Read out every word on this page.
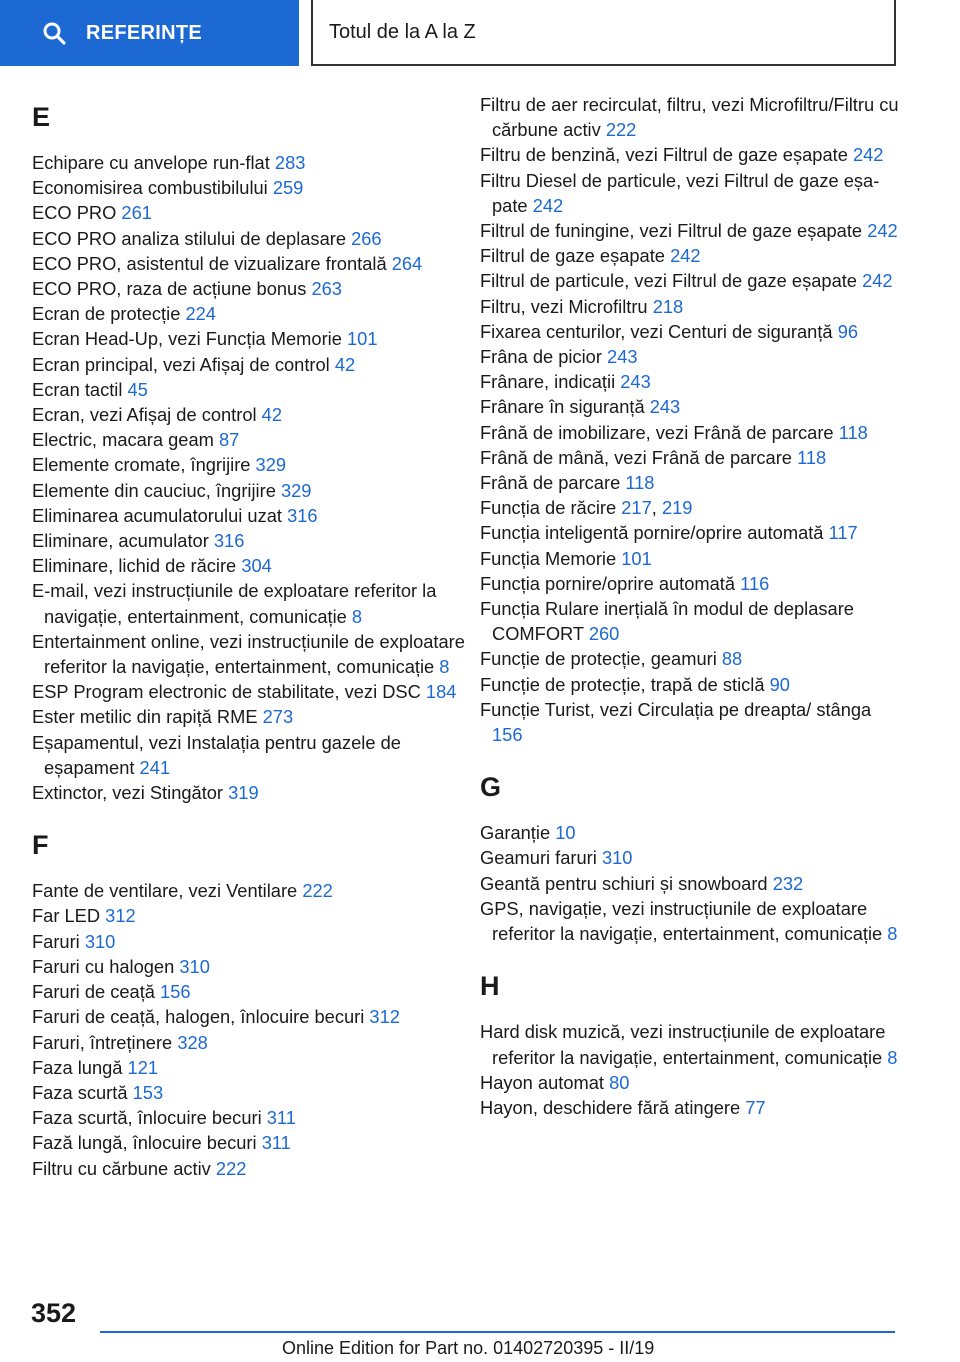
REFERINȚE	Totul de la A la Z
E
Echipare cu anvelope run-flat 283
Economisirea combustibilului 259
ECO PRO 261
ECO PRO analiza stilului de deplasare 266
ECO PRO, asistentul de vizualizare frontală 264
ECO PRO, raza de acțiune bonus 263
Ecran de protecție 224
Ecran Head-Up, vezi Funcția Memorie 101
Ecran principal, vezi Afișaj de control 42
Ecran tactil 45
Ecran, vezi Afișaj de control 42
Electric, macara geam 87
Elemente cromate, îngrijire 329
Elemente din cauciuc, îngrijire 329
Eliminarea acumulatorului uzat 316
Eliminare, acumulator 316
Eliminare, lichid de răcire 304
E-mail, vezi instrucțiunile de exploatare referitor la navigație, entertainment, comunicație 8
Entertainment online, vezi instrucțiunile de exploatare referitor la navigație, entertainment, comunicație 8
ESP Program electronic de stabilitate, vezi DSC 184
Ester metilic din rapiță RME 273
Eșapamentul, vezi Instalația pentru gazele de eșapament 241
Extinctor, vezi Stingător 319
F
Fante de ventilare, vezi Ventilare 222
Far LED 312
Faruri 310
Faruri cu halogen 310
Faruri de ceață 156
Faruri de ceață, halogen, înlocuire becuri 312
Faruri, întreținere 328
Faza lungă 121
Faza scurtă 153
Faza scurtă, înlocuire becuri 311
Fază lungă, înlocuire becuri 311
Filtru cu cărbune activ 222
Filtru de aer recirculat, filtru, vezi Microfiltru/Filtru cu cărbune activ 222
Filtru de benzină, vezi Filtrul de gaze eșapate 242
Filtru Diesel de particule, vezi Filtrul de gaze eșapate 242
Filtrul de funingine, vezi Filtrul de gaze eșapate 242
Filtrul de gaze eșapate 242
Filtrul de particule, vezi Filtrul de gaze eșapate 242
Filtru, vezi Microfiltru 218
Fixarea centurilor, vezi Centuri de siguranță 96
Frâna de picior 243
Frânare, indicații 243
Frânare în siguranță 243
Frână de imobilizare, vezi Frână de parcare 118
Frână de mână, vezi Frână de parcare 118
Frână de parcare 118
Funcția de răcire 217, 219
Funcția inteligentă pornire/oprire automată 117
Funcția Memorie 101
Funcția pornire/oprire automată 116
Funcția Rulare inerțială în modul de deplasare COMFORT 260
Funcție de protecție, geamuri 88
Funcție de protecție, trapă de sticlă 90
Funcție Turist, vezi Circulația pe dreapta/ stânga 156
G
Garanție 10
Geamuri faruri 310
Geantă pentru schiuri și snowboard 232
GPS, navigație, vezi instrucțiunile de exploatare referitor la navigație, entertainment, comunicație 8
H
Hard disk muzică, vezi instrucțiunile de exploatare referitor la navigație, entertainment, comunicație 8
Hayon automat 80
Hayon, deschidere fără atingere 77
352
Online Edition for Part no. 01402720395 - II/19
